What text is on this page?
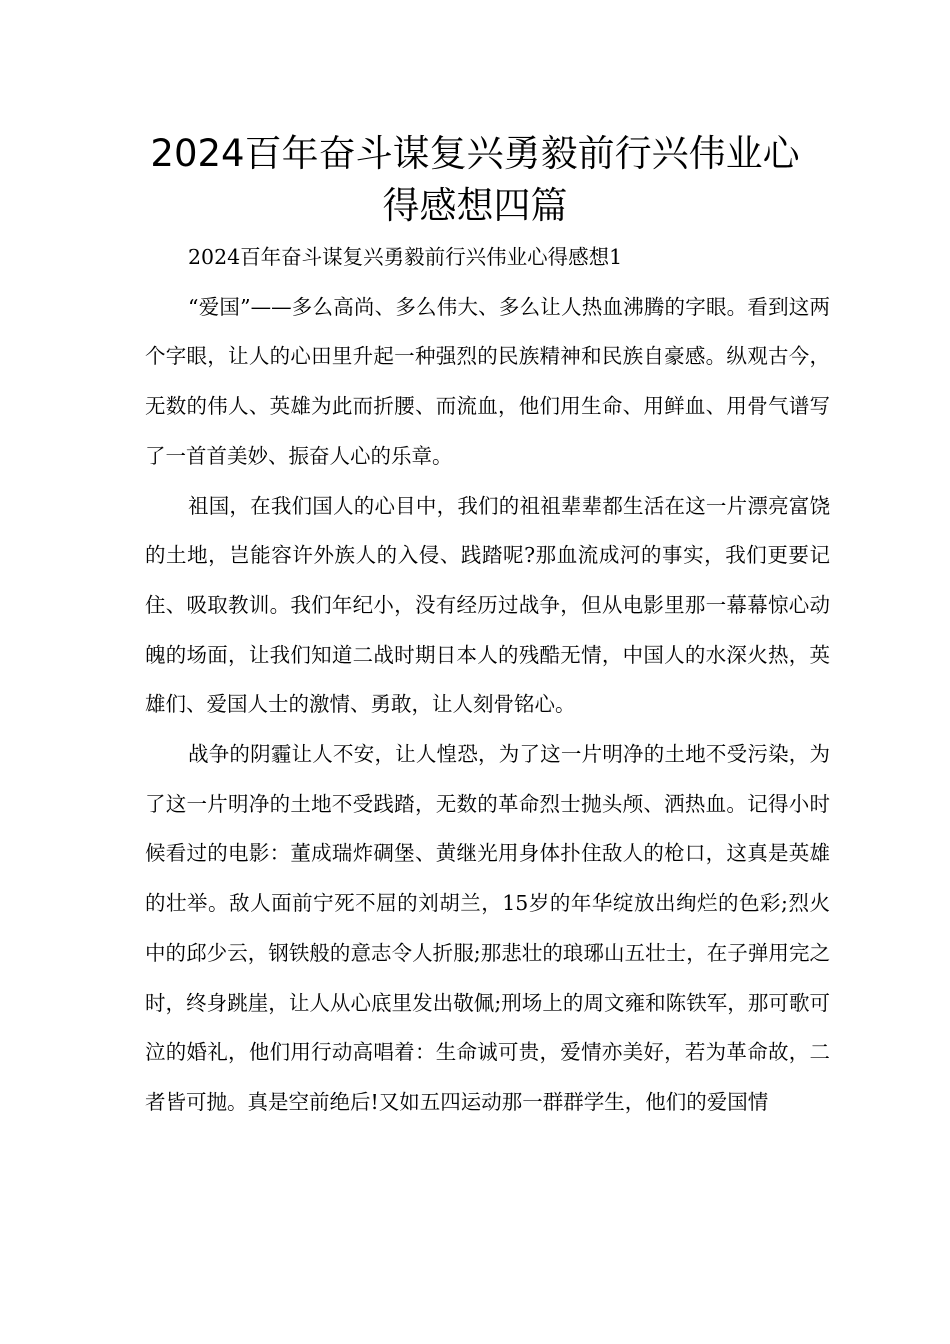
2024百年奋斗谋复兴勇毅前行兴伟业心
得感想四篇

2024百年奋斗谋复兴勇毅前行兴伟业心得感想1

“爱国”——多么高尚、多么伟大、多么让人热血沸腾的字眼。看到这两个字眼，让人的心田里升起一种强烈的民族精神和民族自豪感。纵观古今，无数的伟人、英雄为此而折腰、而流血，他们用生命、用鲜血、用骨气谱写了一首首美妙、振奋人心的乐章。

祖国，在我们国人的心目中，我们的祖祖辈辈都生活在这一片漂亮富饶的土地，岂能容许外族人的入侵、践踏呢?那血流成河的事实，我们更要记住、吸取教训。我们年纪小，没有经历过战争，但从电影里那一幕幕惊心动魄的场面，让我们知道二战时期日本人的残酷无情，中国人的水深火热，英雄们、爱国人士的激情、勇敢，让人刻骨铭心。

战争的阴霾让人不安，让人惶恐，为了这一片明净的土地不受污染，为了这一片明净的土地不受践踏，无数的革命烈士抛头颅、洒热血。记得小时候看过的电影：董成瑞炸碉堡、黄继光用身体扑住敌人的枪口，这真是英雄的壮举。敌人面前宁死不屈的刘胡兰，15岁的年华绽放出绚烂的色彩;烈火中的邱少云，钢铁般的意志令人折服;那悲壮的琅琊山五壮士，在子弹用完之时，终身跳崖，让人从心底里发出敬佩;刑场上的周文雍和陈铁军，那可歌可泣的婚礼，他们用行动高唱着：生命诚可贵，爱情亦美好，若为革命故，二者皆可抛。真是空前绝后!又如五四运动那一群群学生，他们的爱国情
